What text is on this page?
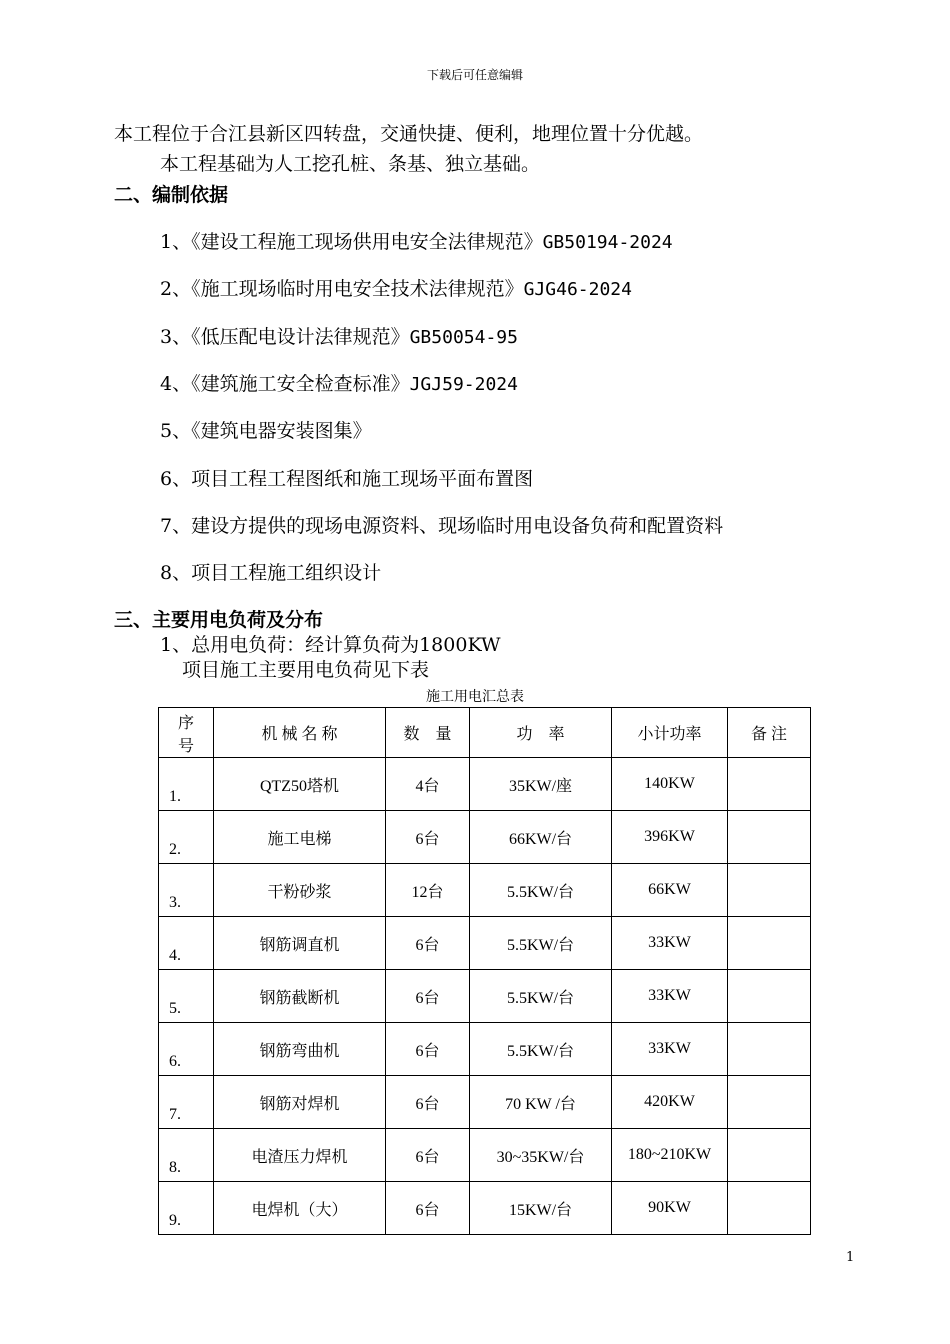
下载后可任意编辑
本工程位于合江县新区四转盘，交通快捷、便利，地理位置十分优越。
本工程基础为人工挖孔桩、条基、独立基础。
二、编制依据
1、《建设工程施工现场供用电安全法律规范》GB50194-2024
2、《施工现场临时用电安全技术法律规范》GJG46-2024
3、《低压配电设计法律规范》GB50054-95
4、《建筑施工安全检查标准》JGJ59-2024
5、《建筑电器安装图集》
6、项目工程工程图纸和施工现场平面布置图
7、建设方提供的现场电源资料、现场临时用电设备负荷和配置资料
8、项目工程施工组织设计
三、主要用电负荷及分布
1、总用电负荷：经计算负荷为1800KW
项目施工主要用电负荷见下表
施工用电汇总表
序
号	机 械 名 称	数　量	功　率	小计功率	备 注
1.	QTZ50塔机	4台	35KW/座	140KW	
2.	施工电梯	6台	66KW/台	396KW	
3.	干粉砂浆	12台	5.5KW/台	66KW	
4.	钢筋调直机	6台	5.5KW/台	33KW	
5.	钢筋截断机	6台	5.5KW/台	33KW	
6.	钢筋弯曲机	6台	5.5KW/台	33KW	
7.	钢筋对焊机	6台	70 KW /台	420KW	
8.	电渣压力焊机	6台	30~35KW/台	180~210KW	
9.	电焊机（大）	6台	15KW/台	90KW	
1
